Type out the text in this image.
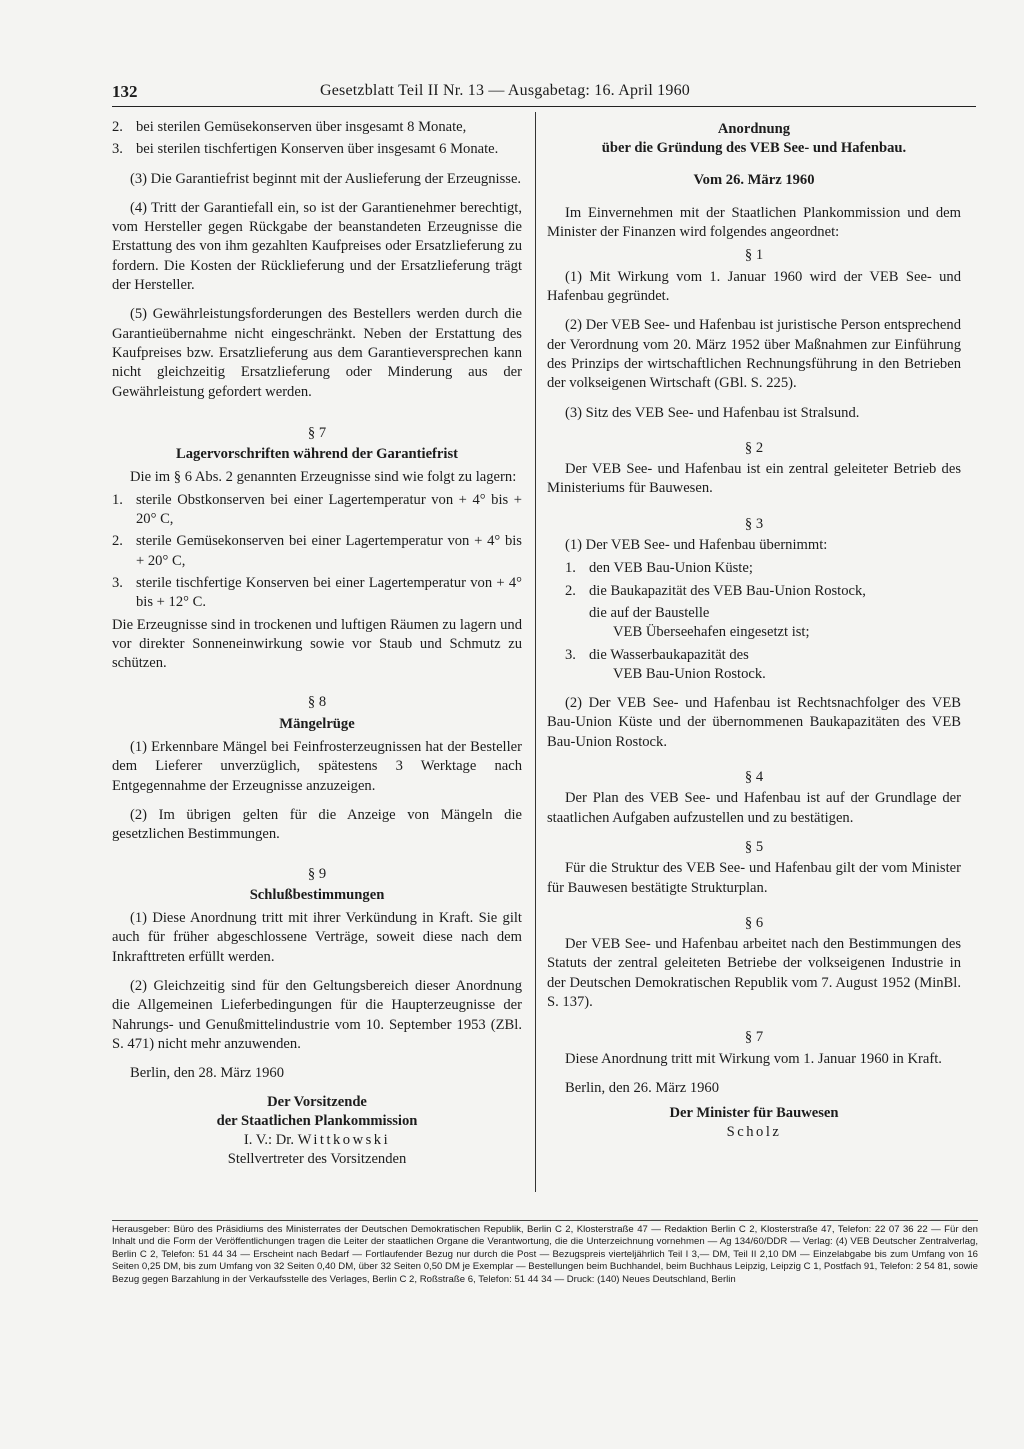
132	Gesetzblatt Teil II Nr. 13 — Ausgabetag: 16. April 1960
2. bei sterilen Gemüsekonserven über insgesamt 8 Monate,
3. bei sterilen tischfertigen Konserven über insgesamt 6 Monate.

(3) Die Garantiefrist beginnt mit der Auslieferung der Erzeugnisse.

(4) Tritt der Garantiefall ein, so ist der Garantienehmer berechtigt, vom Hersteller gegen Rückgabe der beanstandeten Erzeugnisse die Erstattung des von ihm gezahlten Kaufpreises oder Ersatzlieferung zu fordern. Die Kosten der Rücklieferung und der Ersatzlieferung trägt der Hersteller.

(5) Gewährleistungsforderungen des Bestellers werden durch die Garantieübernahme nicht eingeschränkt. Neben der Erstattung des Kaufpreises bzw. Ersatzlieferung aus dem Garantieversprechen kann nicht gleichzeitig Ersatzlieferung oder Minderung aus der Gewährleistung gefordert werden.

§ 7
Lagervorschriften während der Garantiefrist

Die im § 6 Abs. 2 genannten Erzeugnisse sind wie folgt zu lagern:

1. sterile Obstkonserven bei einer Lagertemperatur von + 4° bis + 20° C,
2. sterile Gemüsekonserven bei einer Lagertemperatur von + 4° bis + 20° C,
3. sterile tischfertige Konserven bei einer Lagertemperatur von + 4° bis + 12° C.

Die Erzeugnisse sind in trockenen und luftigen Räumen zu lagern und vor direkter Sonneneinwirkung sowie vor Staub und Schmutz zu schützen.

§ 8
Mängelrüge

(1) Erkennbare Mängel bei Feinfrosterzeugnissen hat der Besteller dem Lieferer unverzüglich, spätestens 3 Werktage nach Entgegennahme der Erzeugnisse anzuzeigen.

(2) Im übrigen gelten für die Anzeige von Mängeln die gesetzlichen Bestimmungen.

§ 9
Schlußbestimmungen

(1) Diese Anordnung tritt mit ihrer Verkündung in Kraft. Sie gilt auch für früher abgeschlossene Verträge, soweit diese nach dem Inkrafttreten erfüllt werden.

(2) Gleichzeitig sind für den Geltungsbereich dieser Anordnung die Allgemeinen Lieferbedingungen für die Haupterzeugnisse der Nahrungs- und Genußmittelindustrie vom 10. September 1953 (ZBl. S. 471) nicht mehr anzuwenden.

Berlin, den 28. März 1960

Der Vorsitzende
der Staatlichen Plankommission
I. V.: Dr. Wittkowski
Stellvertreter des Vorsitzenden
Anordnung
über die Gründung des VEB See- und Hafenbau.
Vom 26. März 1960

Im Einvernehmen mit der Staatlichen Plankommission und dem Minister der Finanzen wird folgendes angeordnet:

§ 1

(1) Mit Wirkung vom 1. Januar 1960 wird der VEB See- und Hafenbau gegründet.

(2) Der VEB See- und Hafenbau ist juristische Person entsprechend der Verordnung vom 20. März 1952 über Maßnahmen zur Einführung des Prinzips der wirtschaftlichen Rechnungsführung in den Betrieben der volkseigenen Wirtschaft (GBl. S. 225).

(3) Sitz des VEB See- und Hafenbau ist Stralsund.

§ 2

Der VEB See- und Hafenbau ist ein zentral geleiteter Betrieb des Ministeriums für Bauwesen.

§ 3

(1) Der VEB See- und Hafenbau übernimmt:

1. den VEB Bau-Union Küste;
2. die Baukapazität des VEB Bau-Union Rostock,
die auf der Baustelle
VEB Überseehafen eingesetzt ist;
3. die Wasserbaukapazität des
VEB Bau-Union Rostock.

(2) Der VEB See- und Hafenbau ist Rechtsnachfolger des VEB Bau-Union Küste und der übernommenen Baukapazitäten des VEB Bau-Union Rostock.

§ 4

Der Plan des VEB See- und Hafenbau ist auf der Grundlage der staatlichen Aufgaben aufzustellen und zu bestätigen.

§ 5

Für die Struktur des VEB See- und Hafenbau gilt der vom Minister für Bauwesen bestätigte Strukturplan.

§ 6

Der VEB See- und Hafenbau arbeitet nach den Bestimmungen des Statuts der zentral geleiteten Betriebe der volkseigenen Industrie in der Deutschen Demokratischen Republik vom 7. August 1952 (MinBl. S. 137).

§ 7

Diese Anordnung tritt mit Wirkung vom 1. Januar 1960 in Kraft.

Berlin, den 26. März 1960

Der Minister für Bauwesen
Scholz
Herausgeber: Büro des Präsidiums des Ministerrates der Deutschen Demokratischen Republik, Berlin C 2, Klosterstraße 47 — Redaktion Berlin C 2, Klosterstraße 47, Telefon: 22 07 36 22 — Für den Inhalt und die Form der Veröffentlichungen tragen die Leiter der staatlichen Organe die Verantwortung, die die Unterzeichnung vornehmen — Ag 134/60/DDR — Verlag: (4) VEB Deutscher Zentralverlag, Berlin C 2, Telefon: 51 44 34 — Erscheint nach Bedarf — Fortlaufender Bezug nur durch die Post — Bezugspreis vierteljährlich Teil I 3,— DM, Teil II 2,10 DM — Einzelabgabe bis zum Umfang von 16 Seiten 0,25 DM, bis zum Umfang von 32 Seiten 0,40 DM, über 32 Seiten 0,50 DM je Exemplar — Bestellungen beim Buchhandel, beim Buchhaus Leipzig, Leipzig C 1, Postfach 91, Telefon: 2 54 81, sowie Bezug gegen Barzahlung in der Verkaufsstelle des Verlages, Berlin C 2, Roßstraße 6, Telefon: 51 44 34 — Druck: (140) Neues Deutschland, Berlin
